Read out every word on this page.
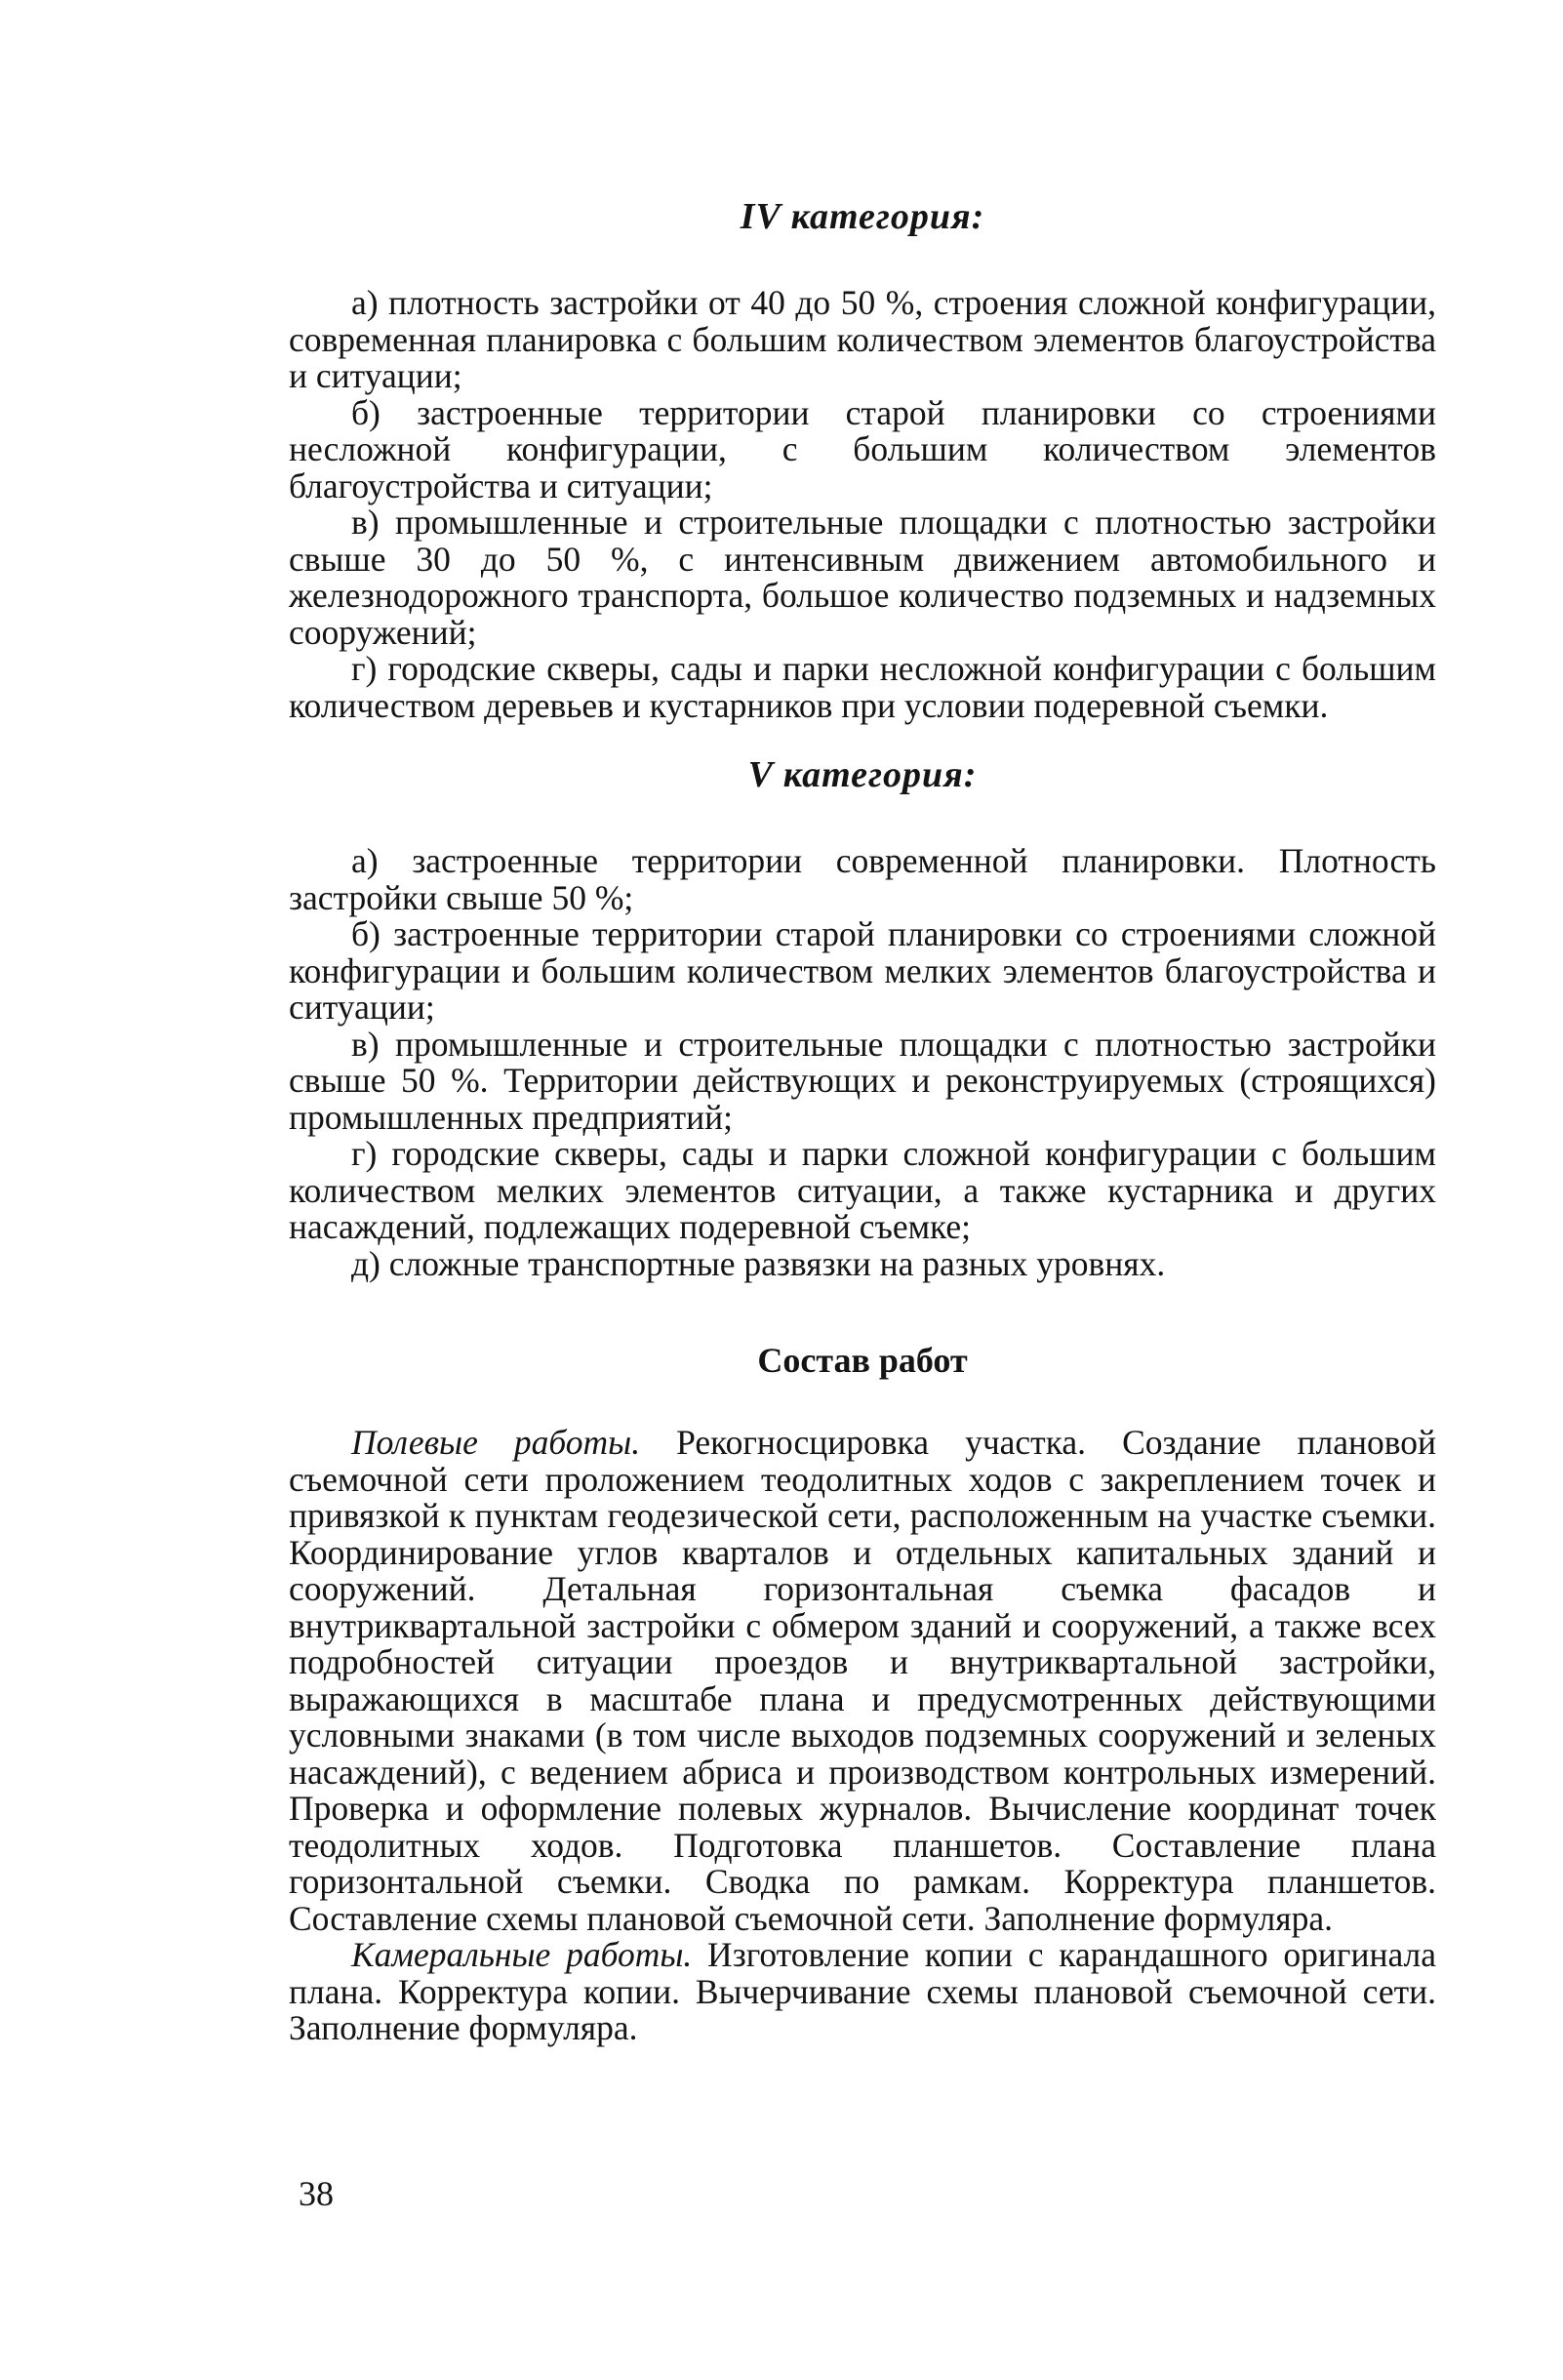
IV категория:

а) плотность застройки от 40 до 50 %, строения сложной конфигурации, современная планировка с большим количеством элементов благоустройства и ситуации;

б) застроенные территории старой планировки со строениями несложной конфигурации, с большим количеством элементов благоустройства и ситуации;

в) промышленные и строительные площадки с плотностью застройки свыше 30 до 50 %, с интенсивным движением автомобильного и железнодорожного транспорта, большое количество подземных и надземных сооружений;

г) городские скверы, сады и парки несложной конфигурации с большим количеством деревьев и кустарников при условии подеревной съемки.

V категория:

а) застроенные территории современной планировки. Плотность застройки свыше 50 %;

б) застроенные территории старой планировки со строениями сложной конфигурации и большим количеством мелких элементов благоустройства и ситуации;

в) промышленные и строительные площадки с плотностью застройки свыше 50 %. Территории действующих и реконструируемых (строящихся) промышленных предприятий;

г) городские скверы, сады и парки сложной конфигурации с большим количеством мелких элементов ситуации, а также кустарника и других насаждений, подлежащих подеревной съемке;

д) сложные транспортные развязки на разных уровнях.

Состав работ

Полевые работы. Рекогносцировка участка. Создание плановой съемочной сети проложением теодолитных ходов с закреплением точек и привязкой к пунктам геодезической сети, расположенным на участке съемки. Координирование углов кварталов и отдельных капитальных зданий и сооружений. Детальная горизонтальная съемка фасадов и внутриквартальной застройки с обмером зданий и сооружений, а также всех подробностей ситуации проездов и внутриквартальной застройки, выражающихся в масштабе плана и предусмотренных действующими условными знаками (в том числе выходов подземных сооружений и зеленых насаждений), с ведением абриса и производством контрольных измерений. Проверка и оформление полевых журналов. Вычисление координат точек теодолитных ходов. Подготовка планшетов. Составление плана горизонтальной съемки. Сводка по рамкам. Корректура планшетов. Составление схемы плановой съемочной сети. Заполнение формуляра.

Камеральные работы. Изготовление копии с карандашного оригинала плана. Корректура копии. Вычерчивание схемы плановой съемочной сети. Заполнение формуляра.

38
